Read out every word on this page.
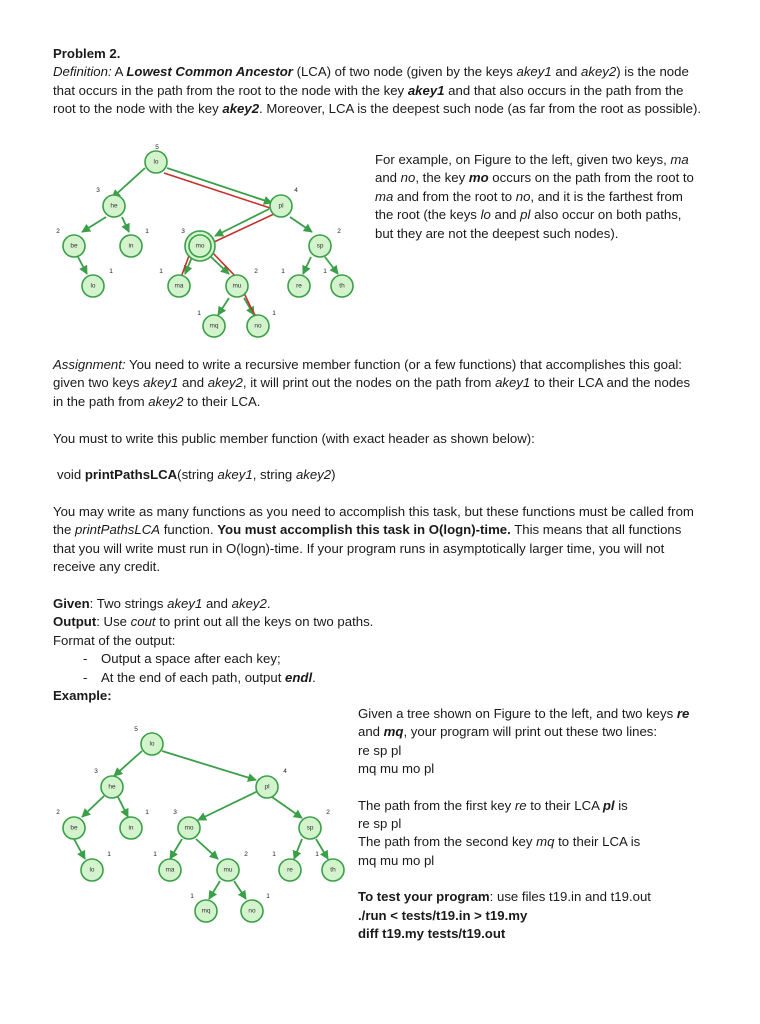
Problem 2.
Definition: A Lowest Common Ancestor (LCA) of two node (given by the keys akey1 and akey2) is the node that occurs in the path from the root to the node with the key akey1 and that also occurs in the path from the root to the node with the key akey2. Moreover, LCA is the deepest such node (as far from the root as possible).
lo
he	pl
be	in	mo	sp
lo	ma	mu	re	th
mq	no
5
3	4
2	1	3	2
1	1	2	1	1
1	1
For example, on Figure to the left, given two keys, ma and no, the key mo occurs on the path from the root to ma and from the root to no, and it is the farthest from the root (the keys lo and pl also occur on both paths, but they are not the deepest such nodes).
Assignment: You need to write a recursive member function (or a few functions) that accomplishes this goal: given two keys akey1 and akey2, it will print out the nodes on the path from akey1 to their LCA and the nodes in the path from akey2 to their LCA.
You must to write this public member function (with exact header as shown below):
void printPathsLCA(string akey1, string akey2)
You may write as many functions as you need to accomplish this task, but these functions must be called from the printPathsLCA function. You must accomplish this task in O(logn)-time. This means that all functions that you will write must run in O(logn)-time. If your program runs in asymptotically larger time, you will not receive any credit.
Given: Two strings akey1 and akey2.
Output: Use cout to print out all the keys on two paths.
Format of the output:
- Output a space after each key;
- At the end of each path, output endl.
Example:
lo
he	pl
be	in	mo	sp
lo	ma	mu	re	th
mq	no
5
3	4
2	1	3	2
1	1	2	1	1
1	1
Given a tree shown on Figure to the left, and two keys re and mq, your program will print out these two lines:
re sp pl
mq mu mo pl
The path from the first key re to their LCA pl is
re sp pl
The path from the second key mq to their LCA is
mq mu mo pl
To test your program: use files t19.in and t19.out
./run < tests/t19.in > t19.my
diff t19.my tests/t19.out
